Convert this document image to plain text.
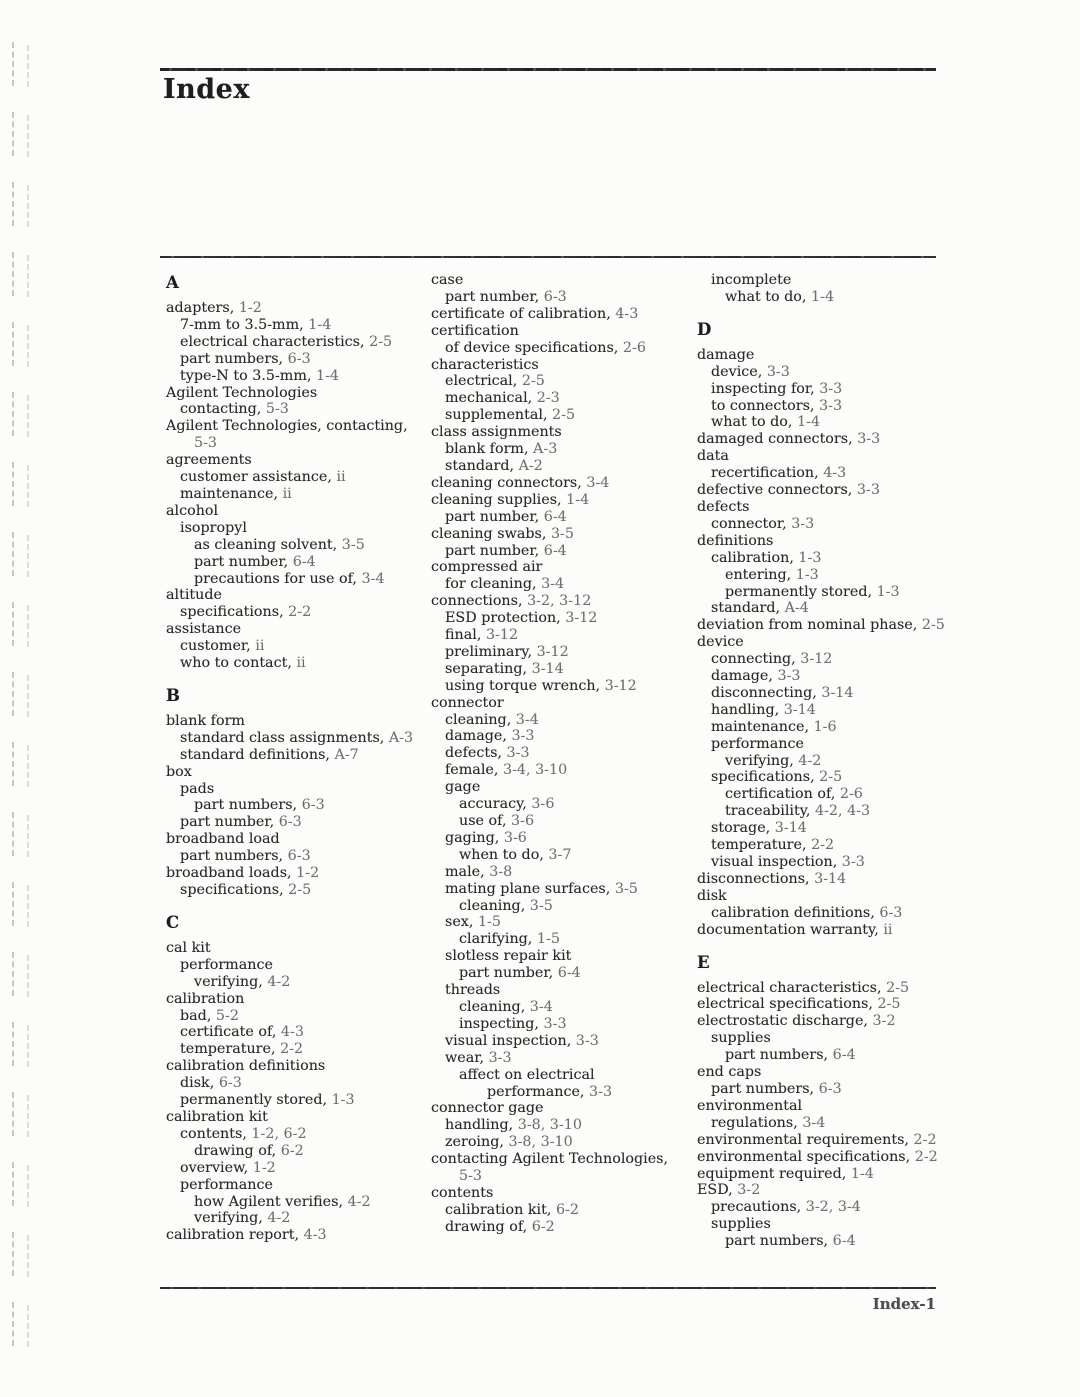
Index
A
adapters, 1-2
7-mm to 3.5-mm, 1-4
electrical characteristics, 2-5
part numbers, 6-3
type-N to 3.5-mm, 1-4
Agilent Technologies
contacting, 5-3
Agilent Technologies, contacting,
5-3
agreements
customer assistance, ii
maintenance, ii
alcohol
isopropyl
as cleaning solvent, 3-5
part number, 6-4
precautions for use of, 3-4
altitude
specifications, 2-2
assistance
customer, ii
who to contact, ii
B
blank form
standard class assignments, A-3
standard definitions, A-7
box
pads
part numbers, 6-3
part number, 6-3
broadband load
part numbers, 6-3
broadband loads, 1-2
specifications, 2-5
C
cal kit
performance
verifying, 4-2
calibration
bad, 5-2
certificate of, 4-3
temperature, 2-2
calibration definitions
disk, 6-3
permanently stored, 1-3
calibration kit
contents, 1-2, 6-2
drawing of, 6-2
overview, 1-2
performance
how Agilent verifies, 4-2
verifying, 4-2
calibration report, 4-3
case
part number, 6-3
certificate of calibration, 4-3
certification
of device specifications, 2-6
characteristics
electrical, 2-5
mechanical, 2-3
supplemental, 2-5
class assignments
blank form, A-3
standard, A-2
cleaning connectors, 3-4
cleaning supplies, 1-4
part number, 6-4
cleaning swabs, 3-5
part number, 6-4
compressed air
for cleaning, 3-4
connections, 3-2, 3-12
ESD protection, 3-12
final, 3-12
preliminary, 3-12
separating, 3-14
using torque wrench, 3-12
connector
cleaning, 3-4
damage, 3-3
defects, 3-3
female, 3-4, 3-10
gage
accuracy, 3-6
use of, 3-6
gaging, 3-6
when to do, 3-7
male, 3-8
mating plane surfaces, 3-5
cleaning, 3-5
sex, 1-5
clarifying, 1-5
slotless repair kit
part number, 6-4
threads
cleaning, 3-4
inspecting, 3-3
visual inspection, 3-3
wear, 3-3
affect on electrical
performance, 3-3
connector gage
handling, 3-8, 3-10
zeroing, 3-8, 3-10
contacting Agilent Technologies,
5-3
contents
calibration kit, 6-2
drawing of, 6-2
incomplete
what to do, 1-4
D
damage
device, 3-3
inspecting for, 3-3
to connectors, 3-3
what to do, 1-4
damaged connectors, 3-3
data
recertification, 4-3
defective connectors, 3-3
defects
connector, 3-3
definitions
calibration, 1-3
entering, 1-3
permanently stored, 1-3
standard, A-4
deviation from nominal phase, 2-5
device
connecting, 3-12
damage, 3-3
disconnecting, 3-14
handling, 3-14
maintenance, 1-6
performance
verifying, 4-2
specifications, 2-5
certification of, 2-6
traceability, 4-2, 4-3
storage, 3-14
temperature, 2-2
visual inspection, 3-3
disconnections, 3-14
disk
calibration definitions, 6-3
documentation warranty, ii
E
electrical characteristics, 2-5
electrical specifications, 2-5
electrostatic discharge, 3-2
supplies
part numbers, 6-4
end caps
part numbers, 6-3
environmental
regulations, 3-4
environmental requirements, 2-2
environmental specifications, 2-2
equipment required, 1-4
ESD, 3-2
precautions, 3-2, 3-4
supplies
part numbers, 6-4
Index-1
